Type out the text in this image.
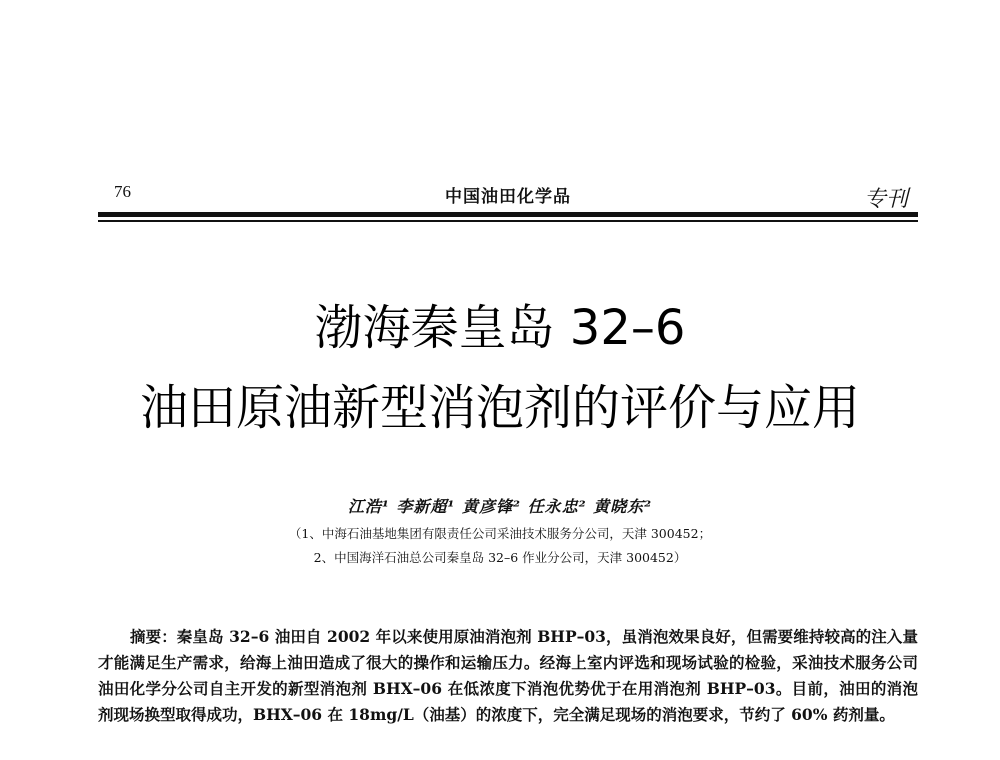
76	中国油田化学品	专刊
渤海秦皇岛 32–6
油田原油新型消泡剂的评价与应用
江浩¹ 李新超¹ 黄彦锋² 任永忠² 黄晓东²
（1、中海石油基地集团有限责任公司采油技术服务分公司，天津 300452；
2、中国海洋石油总公司秦皇岛 32–6 作业分公司，天津 300452）

摘要：秦皇岛 32–6 油田自 2002 年以来使用原油消泡剂 BHP–03，虽消泡效果良好，但需要维持较高的注入量才能满足生产需求，给海上油田造成了很大的操作和运输压力。经海上室内评选和现场试验的检验，采油技术服务公司油田化学分公司自主开发的新型消泡剂 BHX–06 在低浓度下消泡优势优于在用消泡剂 BHP–03。目前，油田的消泡剂现场换型取得成功，BHX–06 在 18mg/L（油基）的浓度下，完全满足现场的消泡要求，节约了 60% 药剂量。
